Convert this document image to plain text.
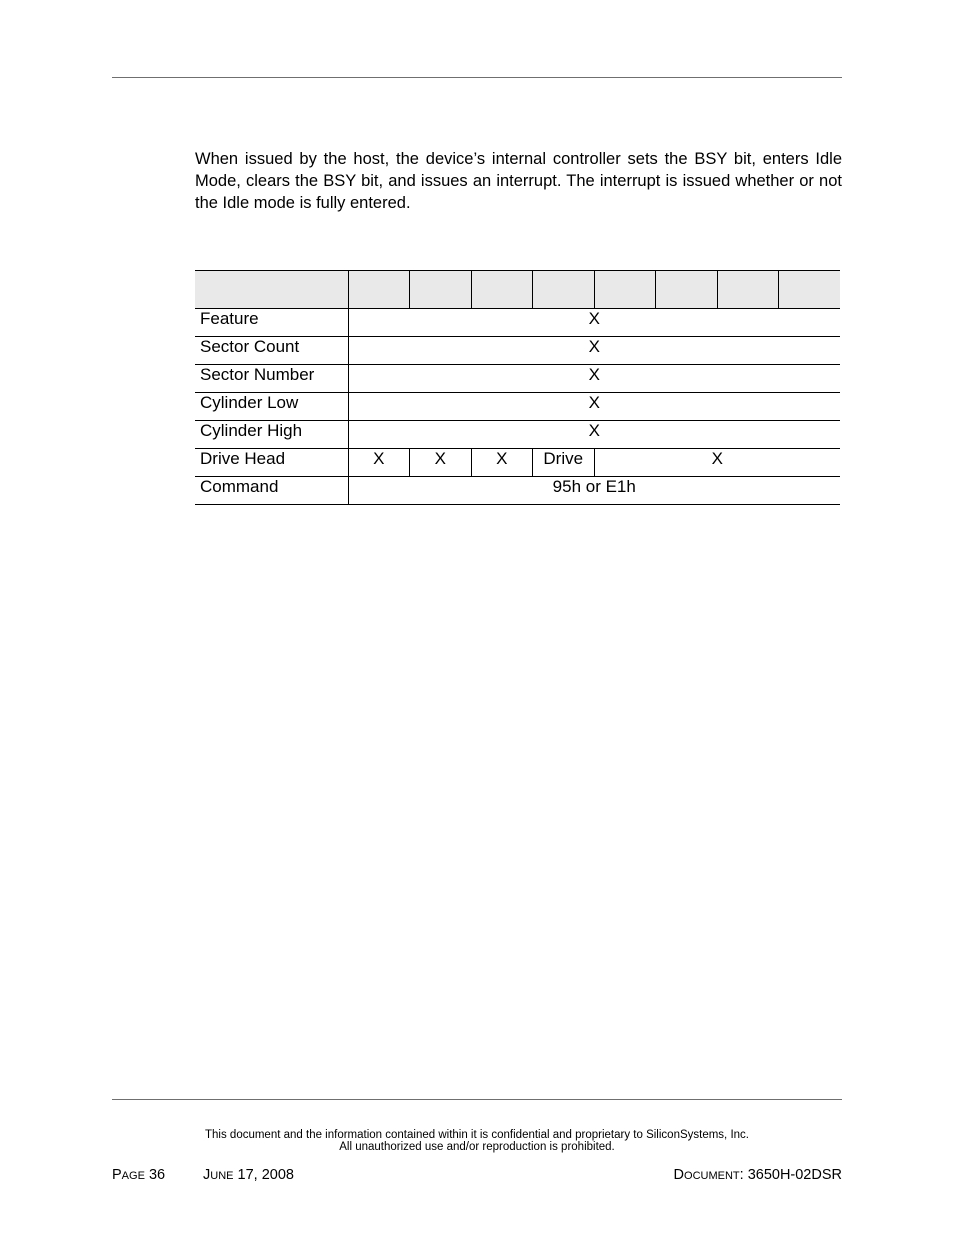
When issued by the host, the device’s internal controller sets the BSY bit, enters Idle Mode, clears the BSY bit, and issues an interrupt. The interrupt is issued whether or not the Idle mode is fully entered.

Feature	X							
Sector Count	X							
Sector Number	X							
Cylinder Low	X							
Cylinder High	X							
Drive Head	X	X	X	Drive	X			
Command	95h or E1h							
This document and the information contained within it is confidential and proprietary to SiliconSystems, Inc.
All unauthorized use and/or reproduction is prohibited.
PAGE 36	JUNE 17, 2008	DOCUMENT: 3650H-02DSR
